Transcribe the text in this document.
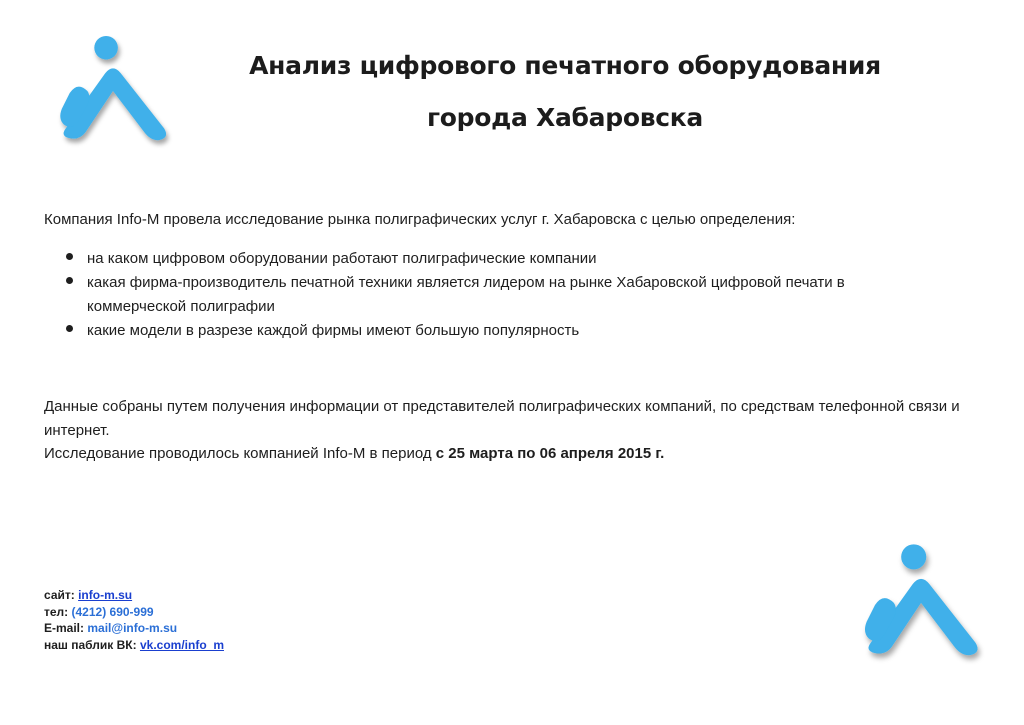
Анализ цифрового печатного оборудования
города Хабаровска

Компания Info-M провела исследование рынка полиграфических услуг г. Хабаровска с целью определения:

на каком цифровом оборудовании работают полиграфические компании
какая фирма-производитель печатной техники является лидером на рынке Хабаровской цифровой печати в коммерческой полиграфии
какие модели в разрезе каждой фирмы имеют большую популярность

Данные собраны путем получения информации от представителей полиграфических компаний, по средствам телефонной связи и интернет.

Исследование проводилось компанией Info-M в период с 25 марта по 06 апреля 2015 г.

сайт: info-m.su
тел: (4212) 690-999
E-mail: mail@info-m.su
наш паблик ВК: vk.com/info_m
